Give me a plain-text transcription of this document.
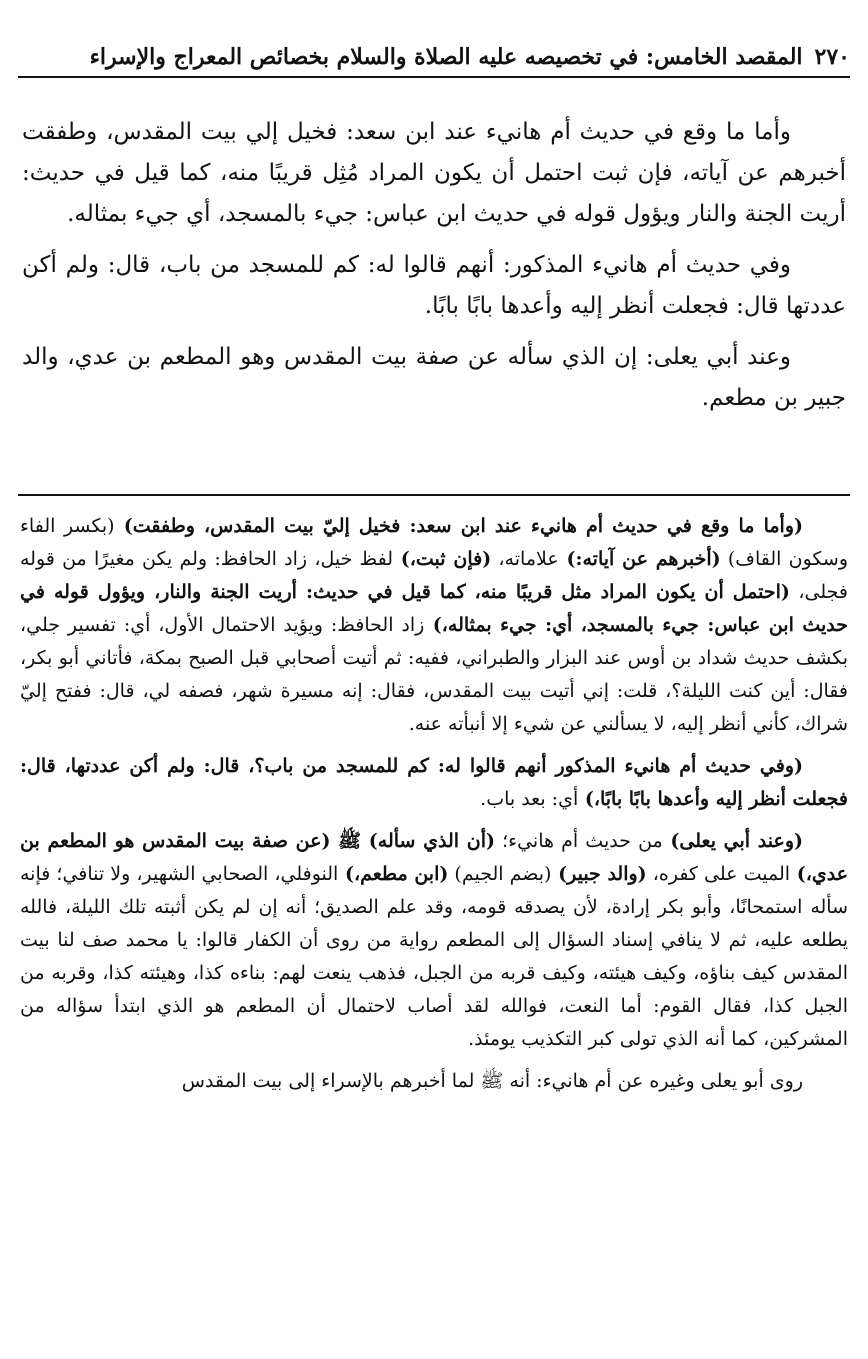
٢٧٠
المقصد الخامس: في تخصيصه عليه الصلاة والسلام بخصائص المعراج والإسراء

وأما ما وقع في حديث أم هانيء عند ابن سعد: فخيل إلي بيت المقدس، وطفقت أخبرهم عن آياته، فإن ثبت احتمل أن يكون المراد مُثِل قريبًا منه، كما قيل في حديث: أريت الجنة والنار ويؤول قوله في حديث ابن عباس: جيء بالمسجد، أي جيء بمثاله.

وفي حديث أم هانيء المذكور: أنهم قالوا له: كم للمسجد من باب، قال: ولم أكن عددتها قال: فجعلت أنظر إليه وأعدها بابًا بابًا.

وعند أبي يعلى: إن الذي سأله عن صفة بيت المقدس وهو المطعم بن عدي، والد جبير بن مطعم.

(وأما ما وقع في حديث أم هانيء عند ابن سعد: فخيل إليّ بيت المقدس، وطفقت) (بكسر الفاء وسكون القاف) (أخبرهم عن آياته:) علاماته، (فإن ثبت،) لفظ خيل، زاد الحافظ: ولم يكن مغيرًا من قوله فجلى، (احتمل أن يكون المراد مثل قريبًا منه، كما قيل في حديث: أريت الجنة والنار، ويؤول قوله في حديث ابن عباس: جيء بالمسجد، أي: جيء بمثاله،) زاد الحافظ: ويؤيد الاحتمال الأول، أي: تفسير جلي، بكشف حديث شداد بن أوس عند البزار والطبراني، ففيه: ثم أتيت أصحابي قبل الصبح بمكة، فأتاني أبو بكر، فقال: أين كنت الليلة؟، قلت: إني أتيت بيت المقدس، فقال: إنه مسيرة شهر، فصفه لي، قال: ففتح إليّ شراك، كأني أنظر إليه، لا يسألني عن شيء إلا أنبأته عنه.

(وفي حديث أم هانيء المذكور أنهم قالوا له: كم للمسجد من باب؟، قال: ولم أكن عددتها، قال: فجعلت أنظر إليه وأعدها بابًا بابًا،) أي: بعد باب.

(وعند أبي يعلى) من حديث أم هانيء؛ (أن الذي سأله) ﷺ (عن صفة بيت المقدس هو المطعم بن عدي،) الميت على كفره، (والد جبير) (بضم الجيم) (ابن مطعم،) النوفلي، الصحابي الشهير، ولا تنافي؛ فإنه سأله استمحانًا، وأبو بكر إرادة، لأن يصدقه قومه، وقد علم الصديق؛ أنه إن لم يكن أثبته تلك الليلة، فالله يطلعه عليه، ثم لا ينافي إسناد السؤال إلى المطعم رواية من روى أن الكفار قالوا: يا محمد صف لنا بيت المقدس كيف بناؤه، وكيف هيئته، وكيف قربه من الجبل، فذهب ينعت لهم: بناءه كذا، وهيئته كذا، وقربه من الجبل كذا، فقال القوم: أما النعت، فوالله لقد أصاب لاحتمال أن المطعم هو الذي ابتدأ سؤاله من المشركين، كما أنه الذي تولى كبر التكذيب يومئذ.

روى أبو يعلى وغيره عن أم هانيء: أنه ﷺ لما أخبرهم بالإسراء إلى بيت المقدس
